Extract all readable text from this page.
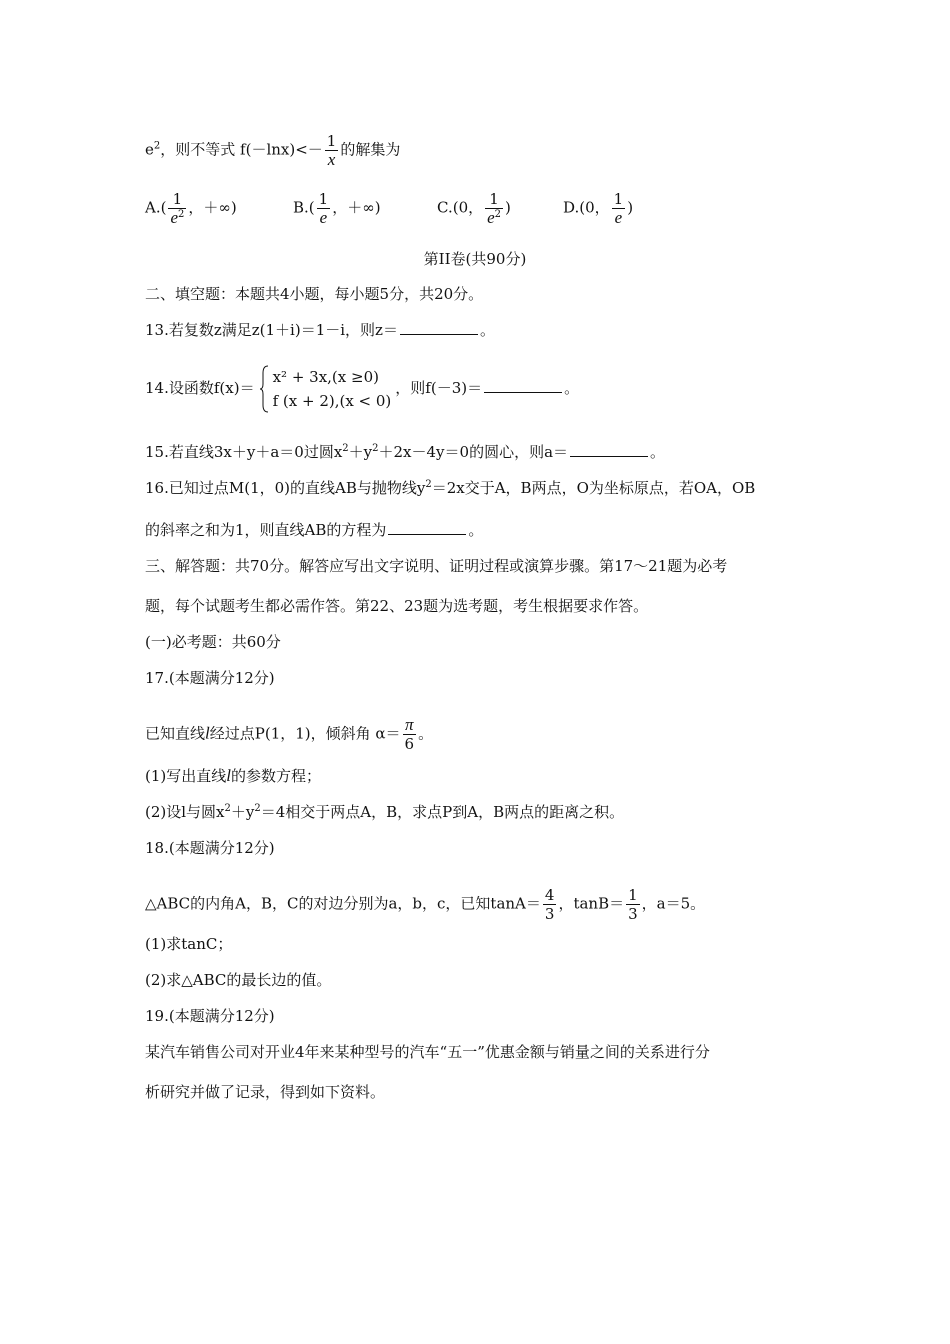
$e^2$，则不等式 $f(-\ln x)<- \frac{1}{x}$ 的解集为
$A.( \frac{1}{e^2}$ ，＋∞)	$B.( \frac{1}{e}$ ，＋∞)	C.(0， $\frac{1}{e^2}$ )	D.(0， $\frac{1}{e}$ )
第II卷(共90分)
二、填空题：本题共4小题，每小题5分，共20分。
13.若复数z满足z(1＋i)＝1－i，则z＝	。
14.设函数f(x)＝
x² + 3x,(x ≥0)
f (x + 2),(x < 0)
，则f(－3)＝	。
15.若直线3x＋y＋a＝0过圆$x^2+y^2+2x-4y=0$的圆心，则a＝	。
16.已知过点M(1，0)的直线AB与抛物线$y^2=2x$交于A，B两点，O为坐标原点，若OA，OB
的斜率之和为1，则直线AB的方程为	。
三、解答题：共70分。解答应写出文字说明、证明过程或演算步骤。第17～21题为必考
题，每个试题考生都必需作答。第22、23题为选考题，考生根据要求作答。
(一)必考题：共60分
17.(本题满分12分)
已知直线l经过点P(1，1)，倾斜角 $\alpha= \frac{\pi}{6}$ 。
(1)写出直线l的参数方程；
(2)设l与圆$x^2+y^2=4$相交于两点A，B，求点P到A，B两点的距离之积。
18.(本题满分12分)
△ABC的内角A，B，C的对边分别为a，b，c，已知$\tan A= \frac{4}{3}$ ，$\tan B= \frac{1}{3}$ ，a＝5。
(1)求tanC；
(2)求△ABC的最长边的值。
19.(本题满分12分)
某汽车销售公司对开业4年来某种型号的汽车“五一”优惠金额与销量之间的关系进行分
析研究并做了记录，得到如下资料。
